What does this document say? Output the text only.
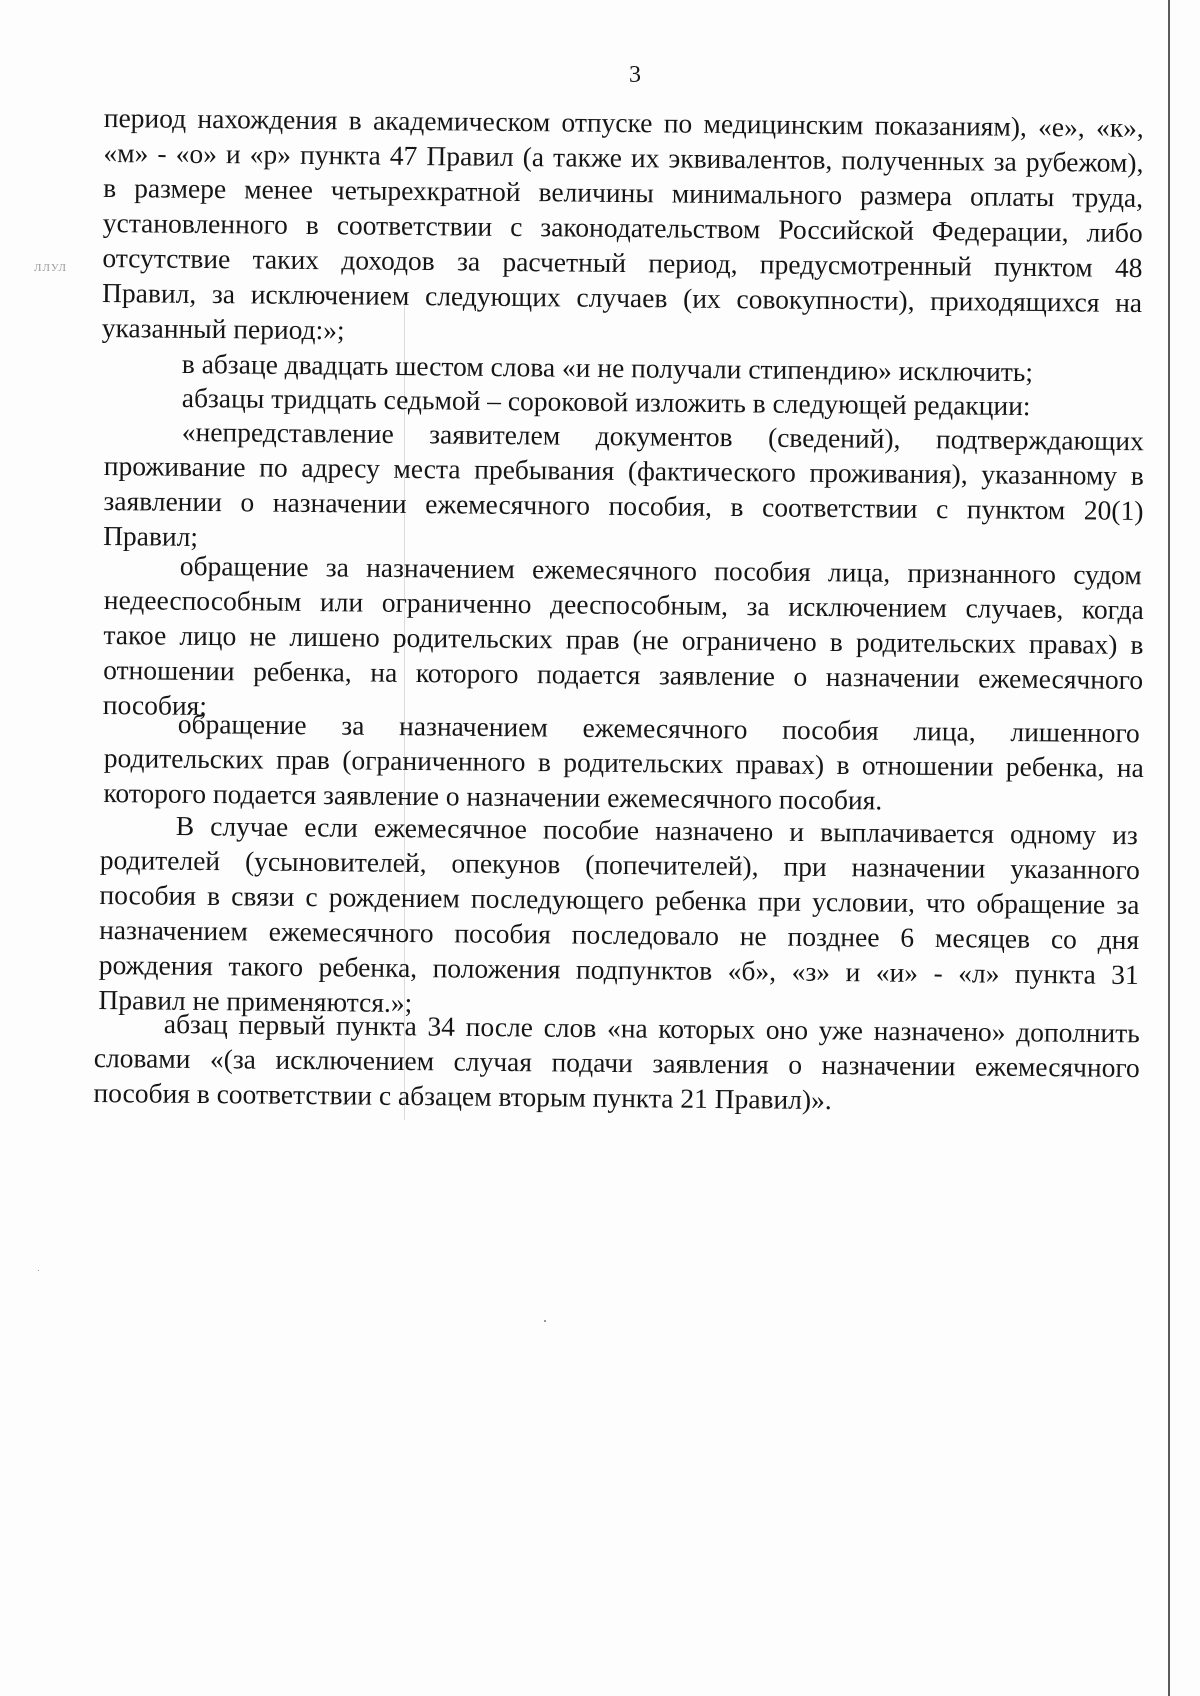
3
ЛЛУЛ
период нахождения в академическом отпуске по медицинским показаниям), «е», «к»,
«м» - «о» и «р» пункта 47 Правил (а также их эквивалентов, полученных за рубежом),
в размере менее четырехкратной величины минимального размера оплаты труда,
установленного в соответствии с законодательством Российской Федерации, либо
отсутствие таких доходов за расчетный период, предусмотренный пунктом 48
Правил, за исключением следующих случаев (их совокупности), приходящихся на
указанный период:»;
в абзаце двадцать шестом слова «и не получали стипендию» исключить;
абзацы тридцать седьмой – сороковой изложить в следующей редакции:
«непредставление заявителем документов (сведений), подтверждающих
проживание по адресу места пребывания (фактического проживания), указанному в
заявлении о назначении ежемесячного пособия, в соответствии с пунктом 20(1)
Правил;
обращение за назначением ежемесячного пособия лица, признанного судом
недееспособным или ограниченно дееспособным, за исключением случаев, когда
такое лицо не лишено родительских прав (не ограничено в родительских правах) в
отношении ребенка, на которого подается заявление о назначении ежемесячного
пособия;
обращение за назначением ежемесячного пособия лица, лишенного
родительских прав (ограниченного в родительских правах) в отношении ребенка, на
которого подается заявление о назначении ежемесячного пособия.
В случае если ежемесячное пособие назначено и выплачивается одному из
родителей (усыновителей, опекунов (попечителей), при назначении указанного
пособия в связи с рождением последующего ребенка при условии, что обращение за
назначением ежемесячного пособия последовало не позднее 6 месяцев со дня
рождения такого ребенка, положения подпунктов «б», «з» и «и» - «л» пункта 31
Правил не применяются.»;
абзац первый пункта 34 после слов «на которых оно уже назначено» дополнить
словами «(за исключением случая подачи заявления о назначении ежемесячного
пособия в соответствии с абзацем вторым пункта 21 Правил)».
